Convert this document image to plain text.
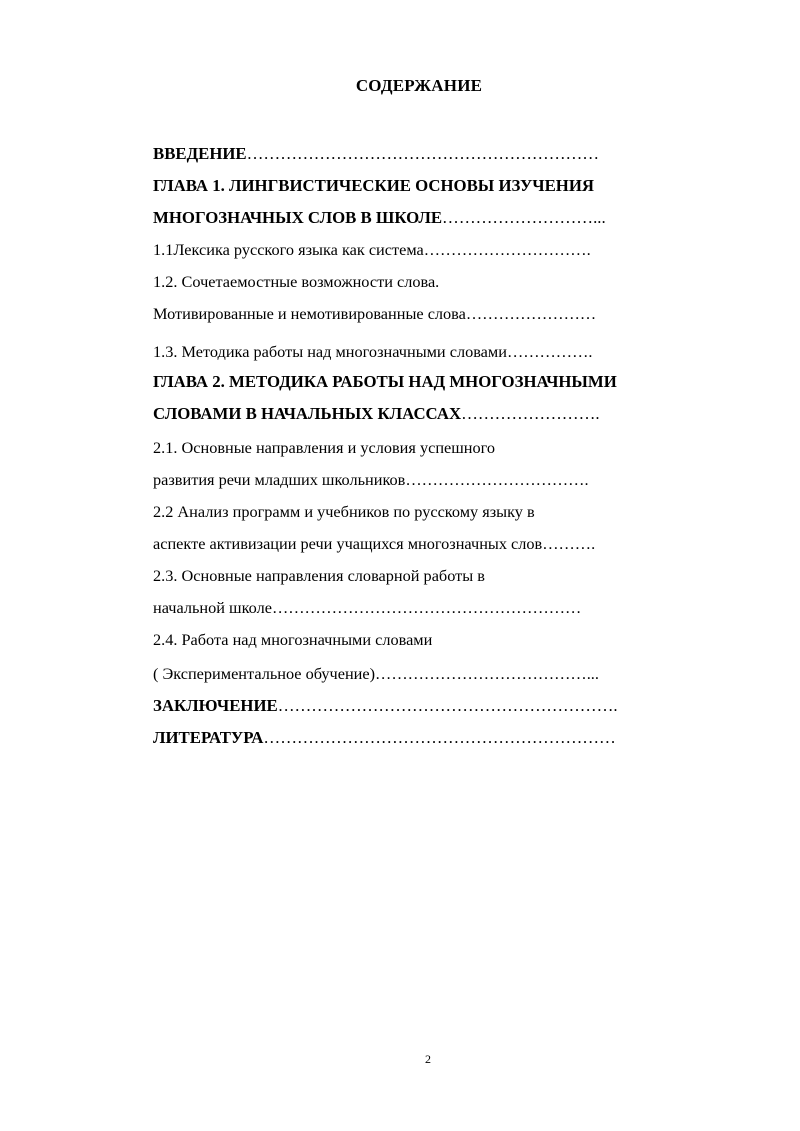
СОДЕРЖАНИЕ
ВВЕДЕНИЕ………………………………………………………
ГЛАВА 1. ЛИНГВИСТИЧЕСКИЕ ОСНОВЫ ИЗУЧЕНИЯ
МНОГОЗНАЧНЫХ СЛОВ В ШКОЛЕ………………………...
1.1Лексика русского языка как система………………………….
1.2. Сочетаемостные возможности слова.
Мотивированные и немотивированные слова……………………
1.3. Методика работы над многозначными словами…………….
ГЛАВА 2. МЕТОДИКА РАБОТЫ НАД МНОГОЗНАЧНЫМИ
СЛОВАМИ В НАЧАЛЬНЫХ КЛАССАХ…………………….
2.1. Основные направления и условия успешного
развития речи младших школьников…………………………….
2.2 Анализ программ и учебников по русскому языку в
аспекте активизации речи учащихся многозначных слов……….
2.3. Основные направления словарной работы в
начальной школе…………………………………………………
2.4. Работа над многозначными словами
( Экспериментальное обучение)…………………………………...
ЗАКЛЮЧЕНИЕ…………………………………………………….
ЛИТЕРАТУРА………………………………………………………
2
